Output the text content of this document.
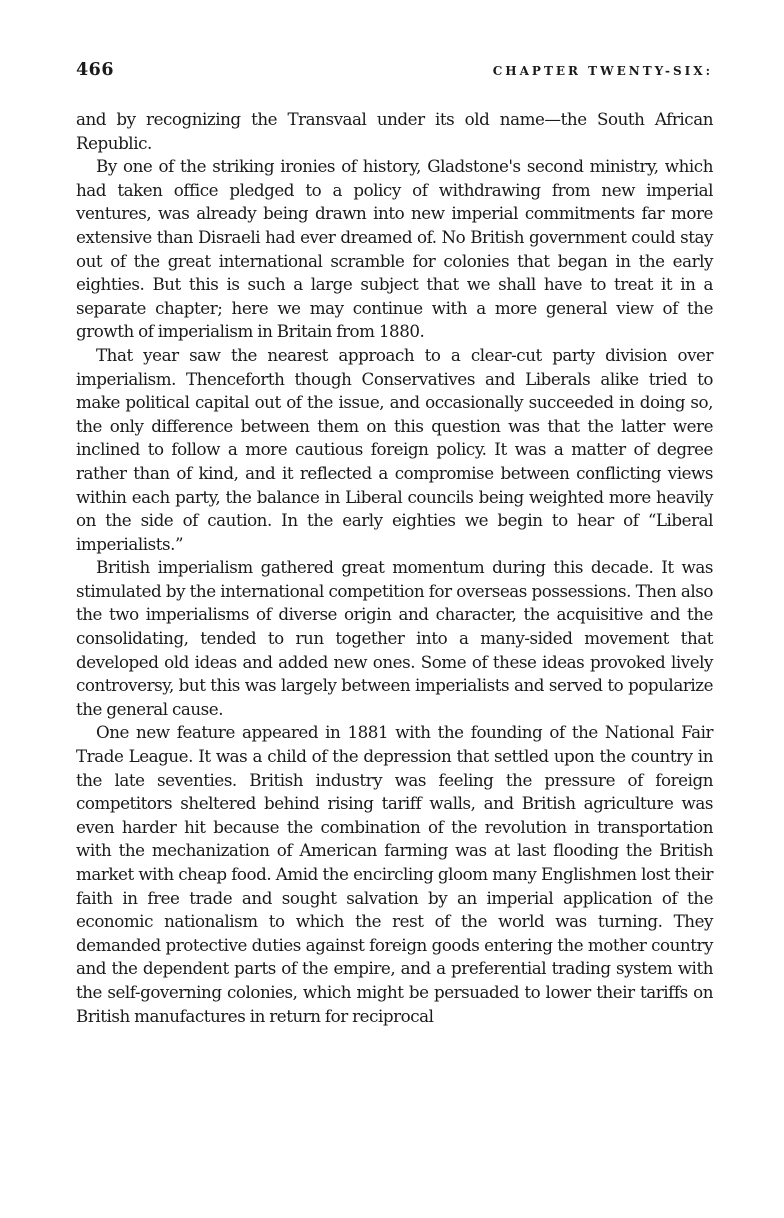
466	CHAPTER TWENTY-SIX:

and by recognizing the Transvaal under its old name—the South African Republic.

By one of the striking ironies of history, Gladstone's second ministry, which had taken office pledged to a policy of withdrawing from new imperial ventures, was already being drawn into new imperial commitments far more extensive than Disraeli had ever dreamed of. No British government could stay out of the great international scramble for colonies that began in the early eighties. But this is such a large subject that we shall have to treat it in a separate chapter; here we may continue with a more general view of the growth of imperialism in Britain from 1880.

That year saw the nearest approach to a clear-cut party division over imperialism. Thenceforth though Conservatives and Liberals alike tried to make political capital out of the issue, and occasionally succeeded in doing so, the only difference between them on this question was that the latter were inclined to follow a more cautious foreign policy. It was a matter of degree rather than of kind, and it reflected a compromise between conflicting views within each party, the balance in Liberal councils being weighted more heavily on the side of caution. In the early eighties we begin to hear of “Liberal imperialists.”

British imperialism gathered great momentum during this decade. It was stimulated by the international competition for overseas possessions. Then also the two imperialisms of diverse origin and character, the acquisitive and the consolidating, tended to run together into a many-sided movement that developed old ideas and added new ones. Some of these ideas provoked lively controversy, but this was largely between imperialists and served to popularize the general cause.

One new feature appeared in 1881 with the founding of the National Fair Trade League. It was a child of the depression that settled upon the country in the late seventies. British industry was feeling the pressure of foreign competitors sheltered behind rising tariff walls, and British agriculture was even harder hit because the combination of the revolution in transportation with the mechanization of American farming was at last flooding the British market with cheap food. Amid the encircling gloom many Englishmen lost their faith in free trade and sought salvation by an imperial application of the economic nationalism to which the rest of the world was turning. They demanded protective duties against foreign goods entering the mother country and the dependent parts of the empire, and a preferential trading system with the self-governing colonies, which might be persuaded to lower their tariffs on British manufactures in return for reciprocal
